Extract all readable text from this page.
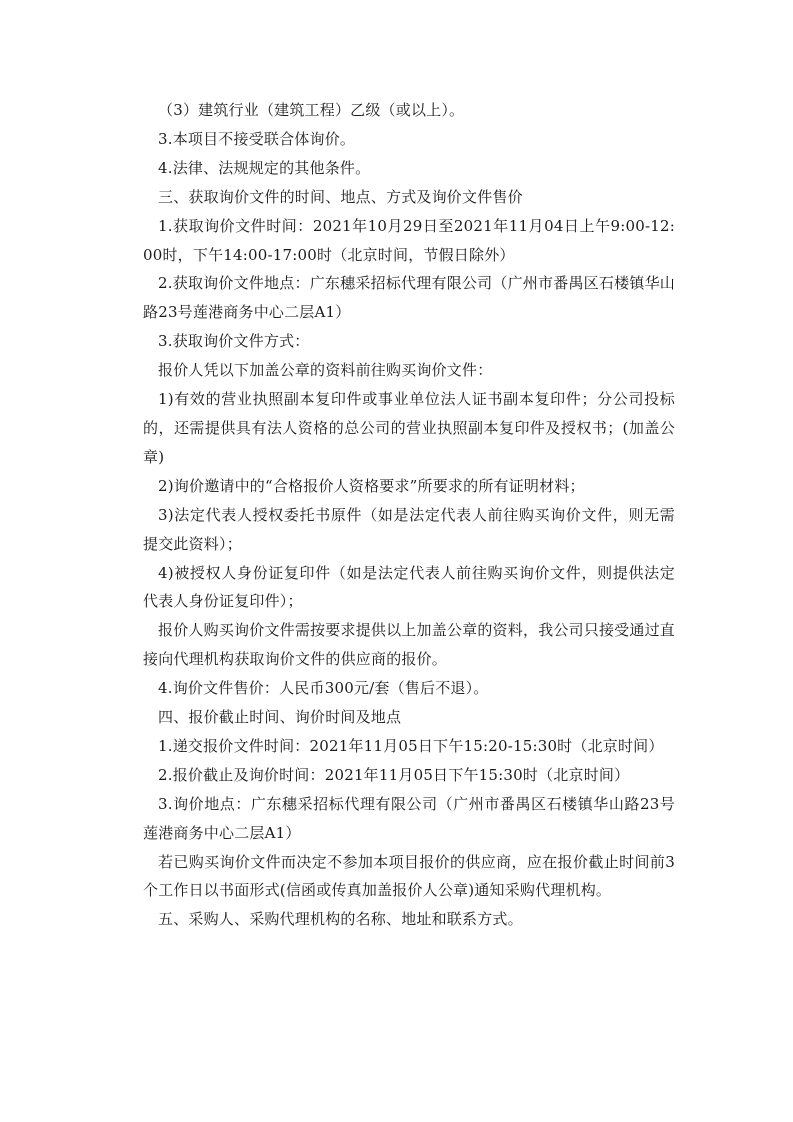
（3）建筑行业（建筑工程）乙级（或以上）。

3.本项目不接受联合体询价。

4.法律、法规规定的其他条件。

三、获取询价文件的时间、地点、方式及询价文件售价

1.获取询价文件时间：2021年10月29日至2021年11月04日上午9:00-12:00时，下午14:00-17:00时（北京时间，节假日除外）

2.获取询价文件地点：广东穗采招标代理有限公司（广州市番禺区石楼镇华山路23号莲港商务中心二层A1）

3.获取询价文件方式：

报价人凭以下加盖公章的资料前往购买询价文件：

1)有效的营业执照副本复印件或事业单位法人证书副本复印件；分公司投标的，还需提供具有法人资格的总公司的营业执照副本复印件及授权书；(加盖公章)

2)询价邀请中的“合格报价人资格要求”所要求的所有证明材料；

3)法定代表人授权委托书原件（如是法定代表人前往购买询价文件，则无需提交此资料）；

4)被授权人身份证复印件（如是法定代表人前往购买询价文件，则提供法定代表人身份证复印件）；

报价人购买询价文件需按要求提供以上加盖公章的资料，我公司只接受通过直接向代理机构获取询价文件的供应商的报价。

4.询价文件售价：人民币300元/套（售后不退）。

四、报价截止时间、询价时间及地点

1.递交报价文件时间：2021年11月05日下午15:20-15:30时（北京时间）

2.报价截止及询价时间：2021年11月05日下午15:30时（北京时间）

3.询价地点：广东穗采招标代理有限公司（广州市番禺区石楼镇华山路23号莲港商务中心二层A1）

若已购买询价文件而决定不参加本项目报价的供应商，应在报价截止时间前3个工作日以书面形式(信函或传真加盖报价人公章)通知采购代理机构。

五、采购人、采购代理机构的名称、地址和联系方式。
